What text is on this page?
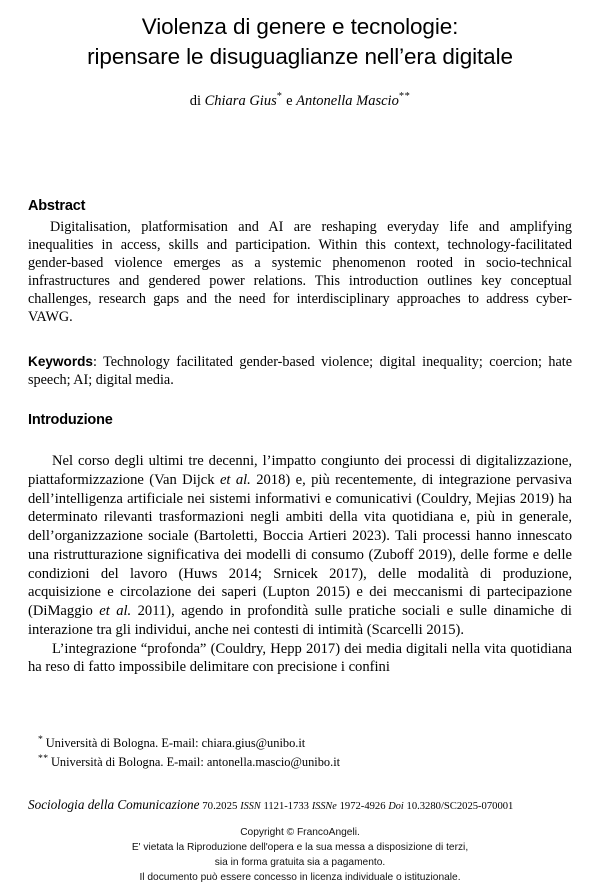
Violenza di genere e tecnologie:
ripensare le disuguaglianze nell’era digitale
di Chiara Gius* e Antonella Mascio**
Abstract

Digitalisation, platformisation and AI are reshaping everyday life and amplifying inequalities in access, skills and participation. Within this context, technology-facilitated gender-based violence emerges as a systemic phenomenon rooted in socio-technical infrastructures and gendered power relations. This introduction outlines key conceptual challenges, research gaps and the need for interdisciplinary approaches to address cyber-VAWG.

Keywords: Technology facilitated gender-based violence; digital inequality; coercion; hate speech; AI; digital media.

Introduzione

Nel corso degli ultimi tre decenni, l’impatto congiunto dei processi di digitalizzazione, piattaformizzazione (Van Dijck et al. 2018) e, più recentemente, di integrazione pervasiva dell’intelligenza artificiale nei sistemi informativi e comunicativi (Couldry, Mejias 2019) ha determinato rilevanti trasformazioni negli ambiti della vita quotidiana e, più in generale, dell’organizzazione sociale (Bartoletti, Boccia Artieri 2023). Tali processi hanno innescato una ristrutturazione significativa dei modelli di consumo (Zuboff 2019), delle forme e delle condizioni del lavoro (Huws 2014; Srnicek 2017), delle modalità di produzione, acquisizione e circolazione dei saperi (Lupton 2015) e dei meccanismi di partecipazione (DiMaggio et al. 2011), agendo in profondità sulle pratiche sociali e sulle dinamiche di interazione tra gli individui, anche nei contesti di intimità (Scarcelli 2015).

L’integrazione “profonda” (Couldry, Hepp 2017) dei media digitali nella vita quotidiana ha reso di fatto impossibile delimitare con precisione i confini

* Università di Bologna. E-mail: chiara.gius@unibo.it

** Università di Bologna. E-mail: antonella.mascio@unibo.it

Sociologia della Comunicazione 70.2025 ISSN 1121-1733 ISSNe 1972-4926 Doi 10.3280/SC2025-070001
Copyright © FrancoAngeli.
E' vietata la Riproduzione dell'opera e la sua messa a disposizione di terzi,
sia in forma gratuita sia a pagamento.
Il documento può essere concesso in licenza individuale o istituzionale.
